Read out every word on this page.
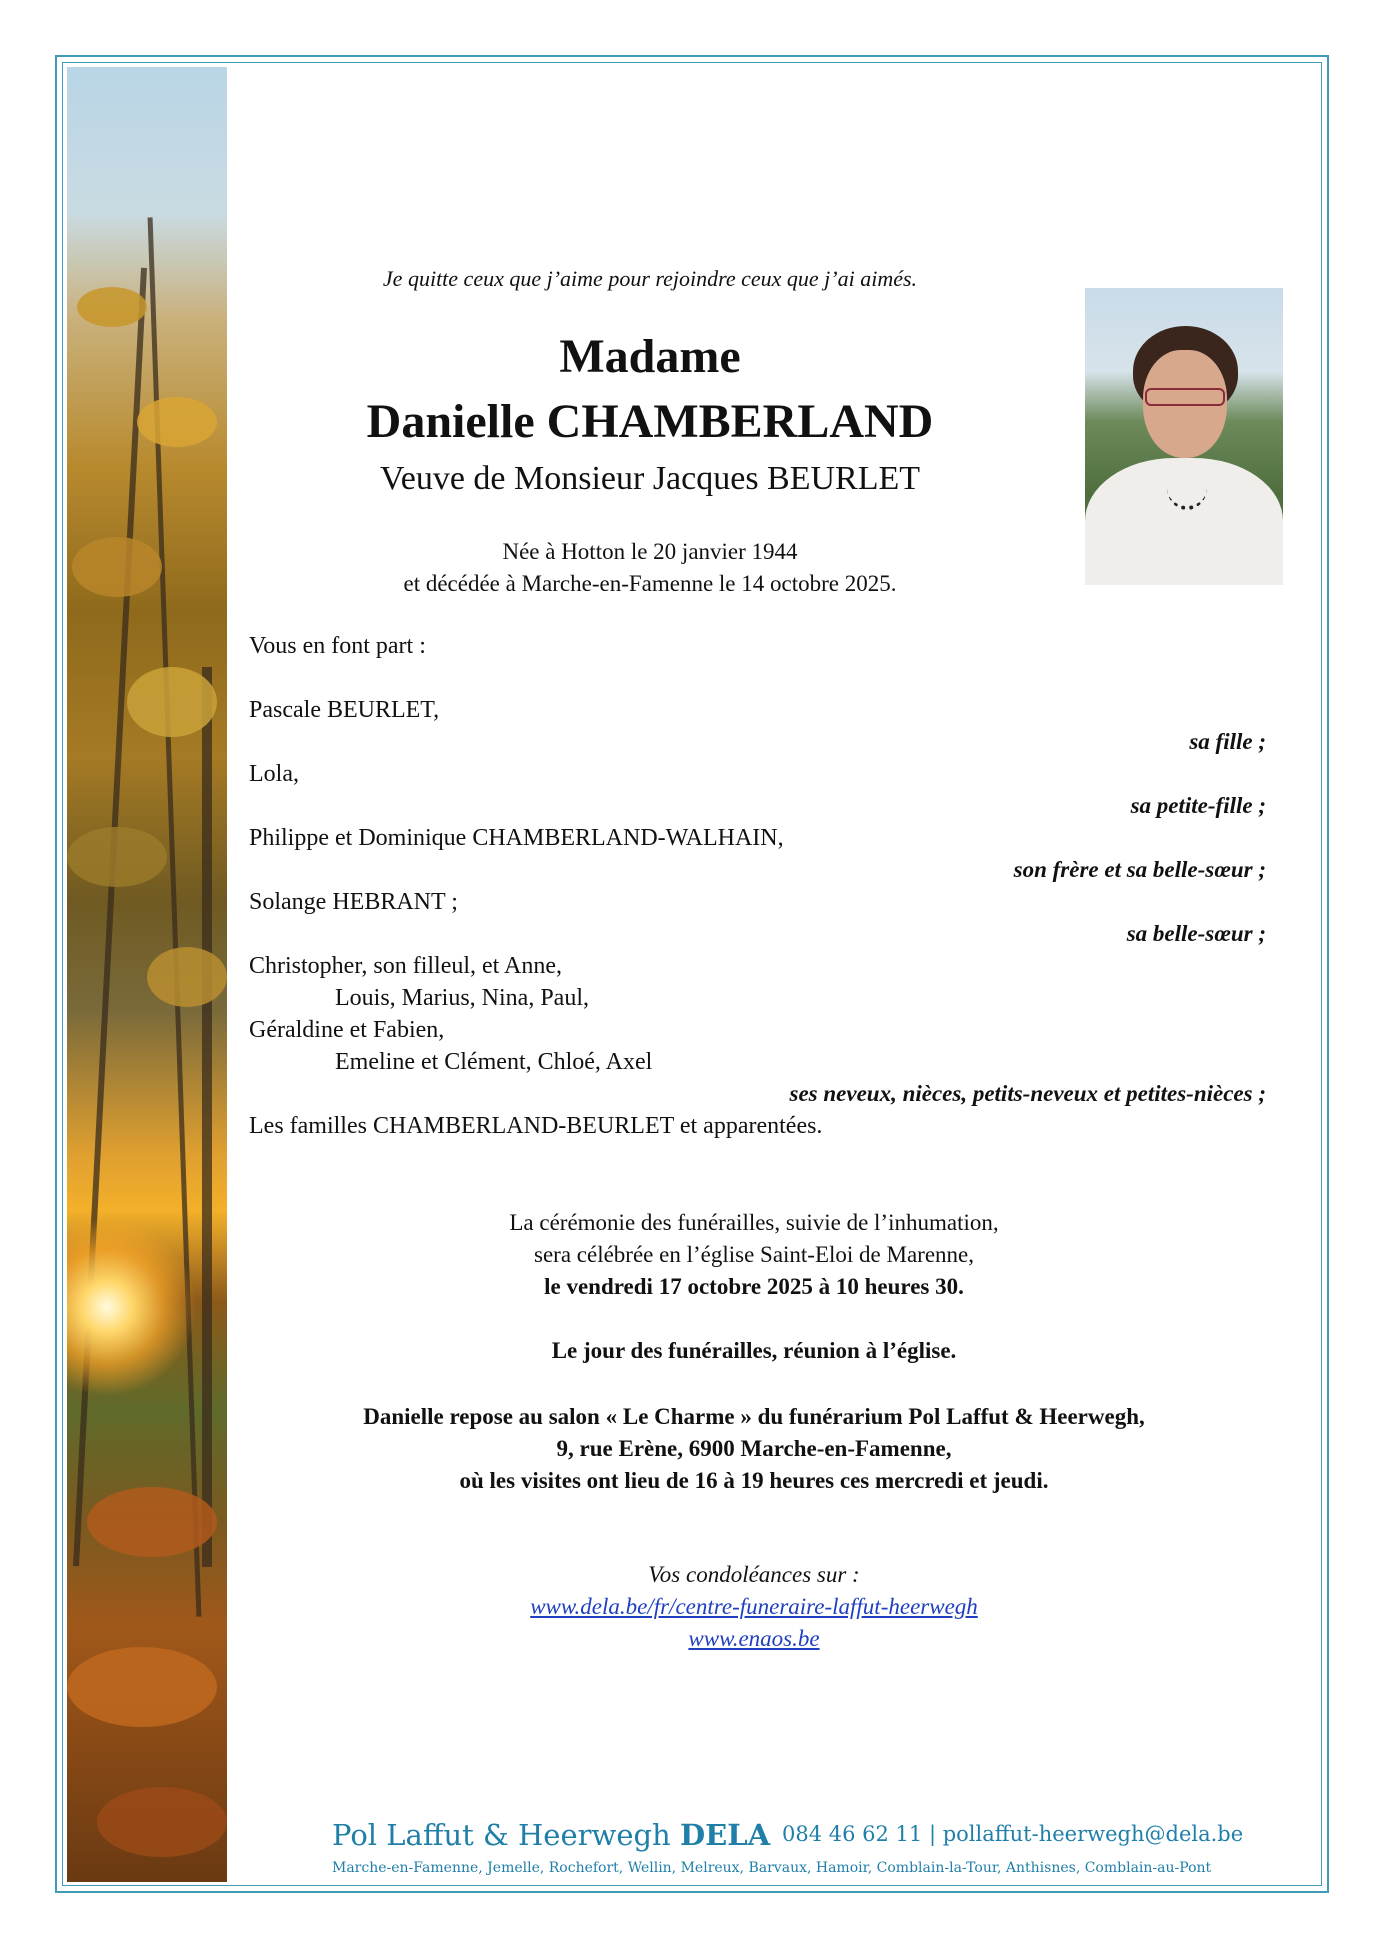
Je quitte ceux que j’aime pour rejoindre ceux que j’ai aimés.

Madame

Danielle CHAMBERLAND

Veuve de Monsieur Jacques BEURLET

Née à Hotton le 20 janvier 1944

et décédée à Marche-en-Famenne le 14 octobre 2025.

Vous en font part :

Pascale BEURLET,

sa fille ;

Lola,

sa petite-fille ;

Philippe et Dominique CHAMBERLAND-WALHAIN,

son frère et sa belle-sœur ;

Solange HEBRANT ;

sa belle-sœur ;

Christopher, son filleul, et Anne,

Louis, Marius, Nina, Paul,

Géraldine et Fabien,

Emeline et Clément, Chloé, Axel

ses neveux, nièces, petits-neveux et petites-nièces ;

Les familles CHAMBERLAND-BEURLET et apparentées.

La cérémonie des funérailles, suivie de l’inhumation,

sera célébrée en l’église Saint-Eloi de Marenne,

le vendredi 17 octobre 2025 à 10 heures 30.

Le jour des funérailles, réunion à l’église.

Danielle repose au salon « Le Charme » du funérarium Pol Laffut & Heerwegh,

9, rue Erène, 6900 Marche-en-Famenne,

où les visites ont lieu de 16 à 19 heures ces mercredi et jeudi.

Vos condoléances sur :

www.dela.be/fr/centre-funeraire-laffut-heerwegh

www.enaos.be

Pol Laffut & Heerwegh DELA 084 46 62 11 | pollaffut-heerwegh@dela.be
Marche-en-Famenne, Jemelle, Rochefort, Wellin, Melreux, Barvaux, Hamoir, Comblain-la-Tour, Anthisnes, Comblain-au-Pont
